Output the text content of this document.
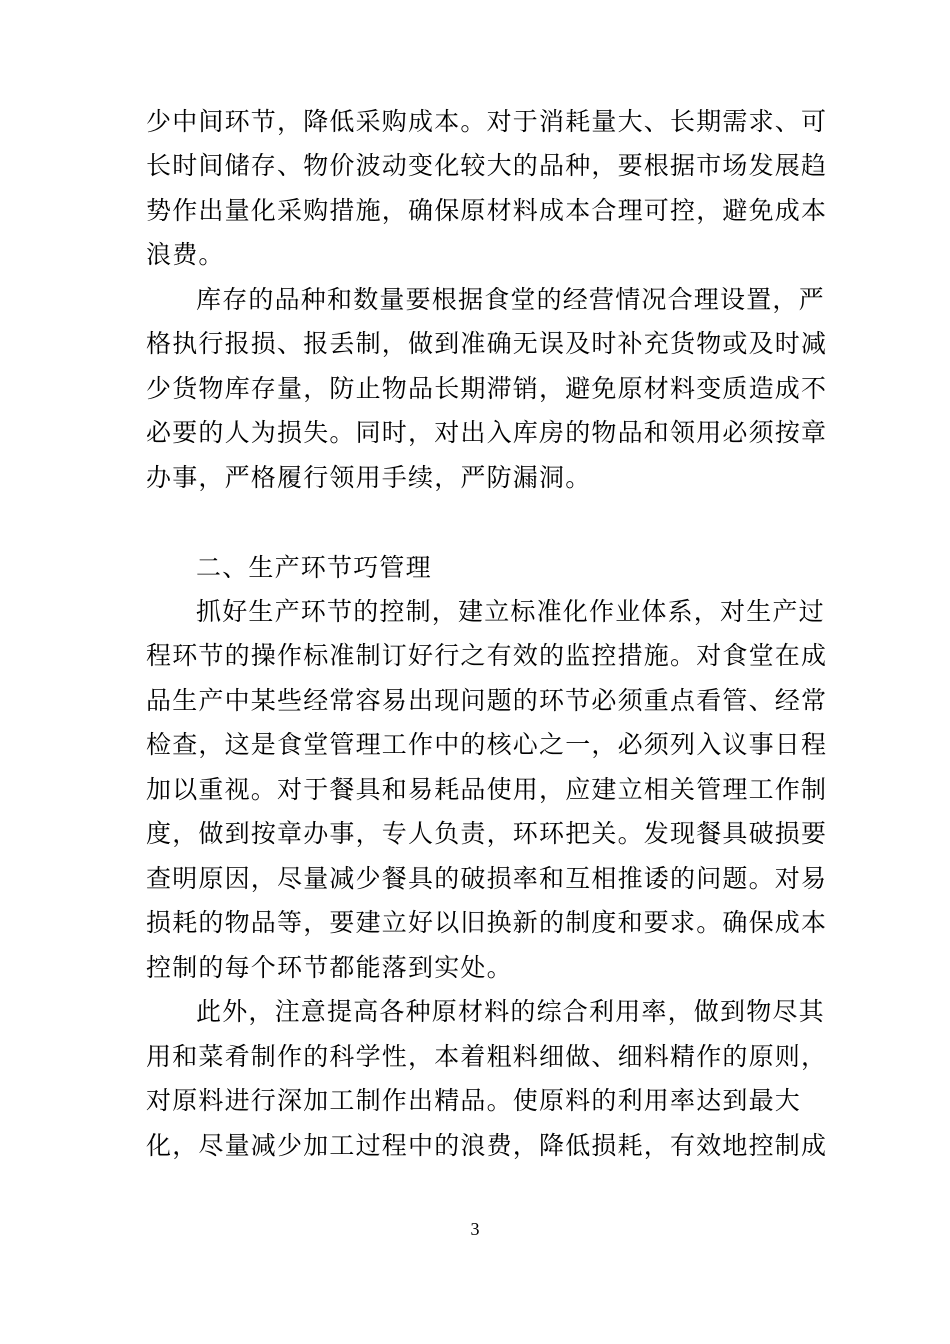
少中间环节，降低采购成本。对于消耗量大、长期需求、可
长时间储存、物价波动变化较大的品种，要根据市场发展趋
势作出量化采购措施，确保原材料成本合理可控，避免成本
浪费。
库存的品种和数量要根据食堂的经营情况合理设置，严
格执行报损、报丢制，做到准确无误及时补充货物或及时减
少货物库存量，防止物品长期滞销，避免原材料变质造成不
必要的人为损失。同时，对出入库房的物品和领用必须按章
办事，严格履行领用手续，严防漏洞。
二、生产环节巧管理
抓好生产环节的控制，建立标准化作业体系，对生产过
程环节的操作标准制订好行之有效的监控措施。对食堂在成
品生产中某些经常容易出现问题的环节必须重点看管、经常
检查，这是食堂管理工作中的核心之一，必须列入议事日程
加以重视。对于餐具和易耗品使用，应建立相关管理工作制
度，做到按章办事，专人负责，环环把关。发现餐具破损要
查明原因，尽量减少餐具的破损率和互相推诿的问题。对易
损耗的物品等，要建立好以旧换新的制度和要求。确保成本
控制的每个环节都能落到实处。
此外，注意提高各种原材料的综合利用率，做到物尽其
用和菜肴制作的科学性，本着粗料细做、细料精作的原则，
对原料进行深加工制作出精品。使原料的利用率达到最大
化，尽量减少加工过程中的浪费，降低损耗，有效地控制成
3
